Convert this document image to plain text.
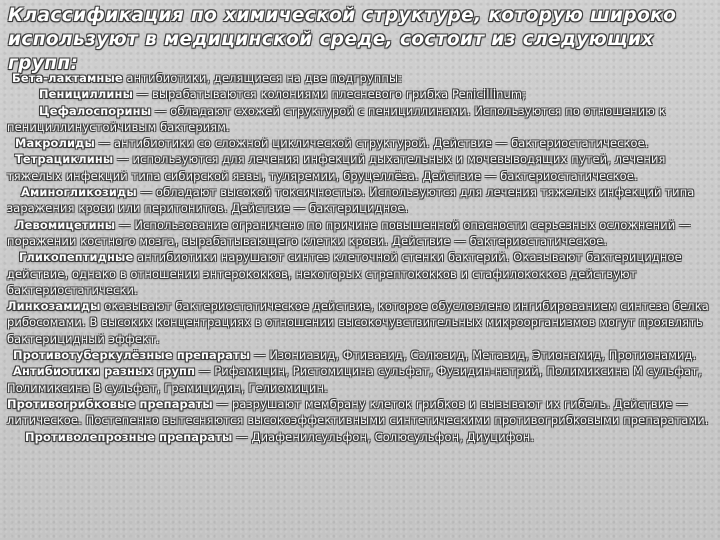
Классификация по химической структуре, которую широко используют в медицинской среде, состоит из следующих групп:

Бета-лактамные антибиотики, делящиеся на две подгруппы:

Пенициллины — вырабатываются колониями плесневого грибка Penicillinum;

Цефалоспорины — обладают схожей структурой с пенициллинами. Используются по отношению к пенициллинустойчивым бактериям.

Макролиды — антибиотики со сложной циклической структурой. Действие — бактериостатическое.

Тетрациклины — используются для лечения инфекций дыхательных и мочевыводящих путей, лечения тяжелых инфекций типа сибирской язвы, туляремии, бруцеллёза. Действие — бактериостатическое.

Аминогликозиды — обладают высокой токсичностью. Используются для лечения тяжелых инфекций типа заражения крови или перитонитов. Действие — бактерицидное.

Левомицетины — Использование ограничено по причине повышенной опасности серьезных осложнений — поражении костного мозга, вырабатывающего клетки крови. Действие — бактериостатическое.

Гликопептидные антибиотики нарушают синтез клеточной стенки бактерий. Оказывают бактерицидное действие, однако в отношении энтерококков, некоторых стрептококков и стафилококков действуют бактериостатически.

Линкозамиды оказывают бактериостатическое действие, которое обусловлено ингибированием синтеза белка рибосомами. В высоких концентрациях в отношении высокочувствительных микроорганизмов могут проявлять бактерицидный эффект.

Противотуберкулёзные препараты — Изониазид, Фтивазид, Салюзид, Метазид, Этионамид, Протионамид.

Антибиотики разных групп — Рифамицин, Ристомицина сульфат, Фузидин-натрий, Полимиксина М сульфат, Полимиксина В сульфат, Грамицидин, Гелиомицин.

Противогрибковые препараты — разрушают мембрану клеток грибков и вызывают их гибель. Действие — литическое. Постепенно вытесняются высокоэффективными синтетическими противогрибковыми препаратами.

Противолепрозные препараты — Диафенилсульфон, Солюсульфон, Диуцифон.
